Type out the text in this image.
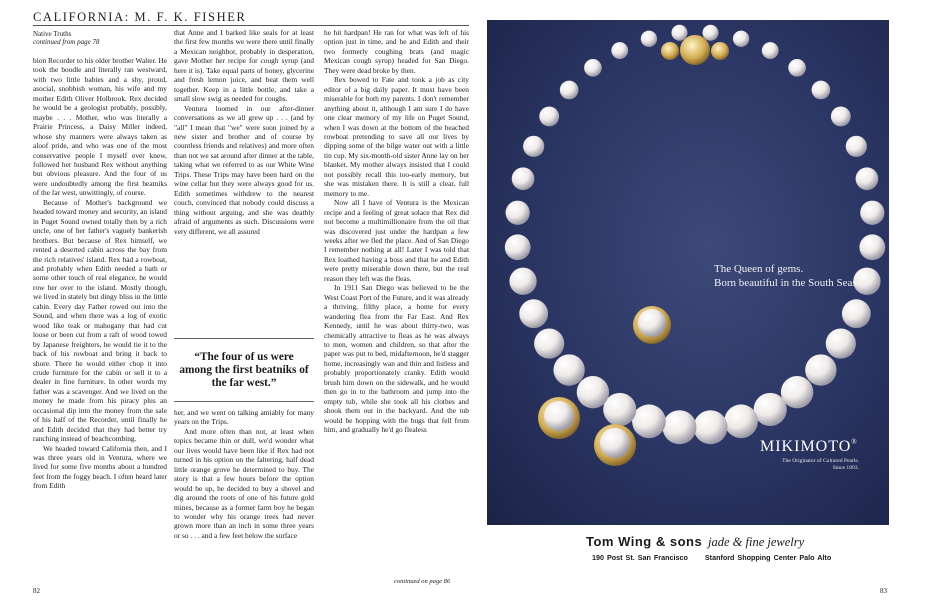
CALIFORNIA: M. F. K. FISHER
Native Truths
continued from page 78

bion Recorder to his older brother Walter. He took the boodle and literally ran westward, with two little babies and a shy, proud, asocial, snobbish woman, his wife and my mother Edith Oliver Holbrook. Rex decided he would be a geologist probably, possibly, maybe . . . Mother, who was literally a Prairie Princess, a Daisy Miller indeed, whose shy manners were always taken as aloof pride, and who was one of the most conservative people I myself ever knew, followed her husband Rex without anything but obvious pleasure. And the four of us were undoubtedly among the first beatniks of the far west, unwittingly, of course.

Because of Mother's background we headed toward money and security, an island in Puget Sound owned totally then by a rich uncle, one of her father's vaguely bankerish brothers. But because of Rex himself, we rented a deserted cabin across the bay from the rich relatives' island. Rex had a rowboat, and probably when Edith needed a bath or some other touch of real elegance, he would row her over to the island. Mostly though, we lived in stately but dingy bliss in the little cabin. Every day Father rowed out into the Sound, and when there was a log of exotic wood like teak or mahogany that had cut loose or been cut from a raft of wood towed by Japanese freighters, he would tie it to the back of his rowboat and bring it back to shore. There he would either chop it into crude furniture for the cabin or sell it to a dealer in fine furniture. In other words my father was a scavenger. And we lived on the money he made from his piracy plus an occasional dip into the money from the sale of his half of the Recorder, until finally he and Edith decided that they had better try ranching instead of beachcombing.

We headed toward California then, and I was three years old in Ventura, where we lived for some five months about a hundred feet from the foggy beach. I often heard later from Edith

that Anne and I barked like seals for at least the first few months we were there until finally a Mexican neighbor, probably in desperation, gave Mother her recipe for cough syrup (and here it is). Take equal parts of honey, glycerine and fresh lemon juice, and beat them well together. Keep in a little bottle, and take a small slow swig as needed for coughs.

Ventura loomed in our after-dinner conversations as we all grew up . . . (and by "all" I mean that "we" were soon joined by a new sister and brother and of course by countless friends and relatives) and more often than not we sat around after dinner at the table, taking what we referred to as our White Wine Trips. These Trips may have been hard on the wine cellar but they were always good for us. Edith sometimes withdrew to the nearest couch, convinced that nobody could discuss a thing without arguing, and she was deathly afraid of arguments as such. Discussions were very different, we all assured

“The four of us were among the first beatniks of the far west.”

her, and we went on talking amiably for many years on the Trips.

And more often than not, at least when topics became thin or dull, we'd wonder what our lives would have been like if Rex had not turned in his option on the faltering, half dead little orange grove he determined to buy. The story is that a few hours before the option would be up, he decided to buy a shovel and dig around the roots of one of his future gold mines, because as a former farm boy he began to wonder why his orange trees had never grown more than an inch in some three years or so . . . and a few feet below the surface

he hit hardpan! He ran for what was left of his option just in time, and he and Edith and their two formerly coughing brats (and magic Mexican cough syrup) headed for San Diego. They were dead broke by then.

Rex bowed to Fate and took a job as city editor of a big daily paper. It must have been miserable for both my parents. I don't remember anything about it, although I am sure I do have one clear memory of my life on Puget Sound, when I was down at the bottom of the beached rowboat pretending to save all our lives by dipping some of the bilge water out with a little tin cup. My six-month-old sister Anne lay on her blanket. My mother always insisted that I could not possibly recall this too-early memory, but she was mistaken there. It is still a clear, full memory to me.

Now all I have of Ventura is the Mexican recipe and a feeling of great solace that Rex did not become a multimillionaire from the oil that was discovered just under the hardpan a few weeks after we fled the place. And of San Diego I remember nothing at all! Later I was told that Rex loathed having a boss and that he and Edith were pretty miserable down there, but the real reason they left was the fleas.

In 1911 San Diego was believed to be the West Coast Port of the Future, and it was already a thriving, filthy place, a home for every wandering flea from the Far East. And Rex Kennedy, until he was about thirty-two, was chemically attractive to fleas as he was always to men, women and children, so that after the paper was put to bed, midafternoon, he'd stagger home, increasingly wan and thin and listless and probably proportionately cranky. Edith would brush him down on the sidewalk, and he would then go in to the bathroom and jump into the empty tub, while she took all his clothes and shook them out in the backyard. And the tub would be hopping with the bugs that fell from him, and gradually he'd go flealess

continued on page 86
82	83
The Queen of gems.
Born beautiful in the South Seas.
MIKIMOTO®
The Originator of Cultured Pearls.
Since 1893.
Tom Wing & sons jade & fine jewelry
190 Post St. San Francisco Stanford Shopping Center Palo Alto
